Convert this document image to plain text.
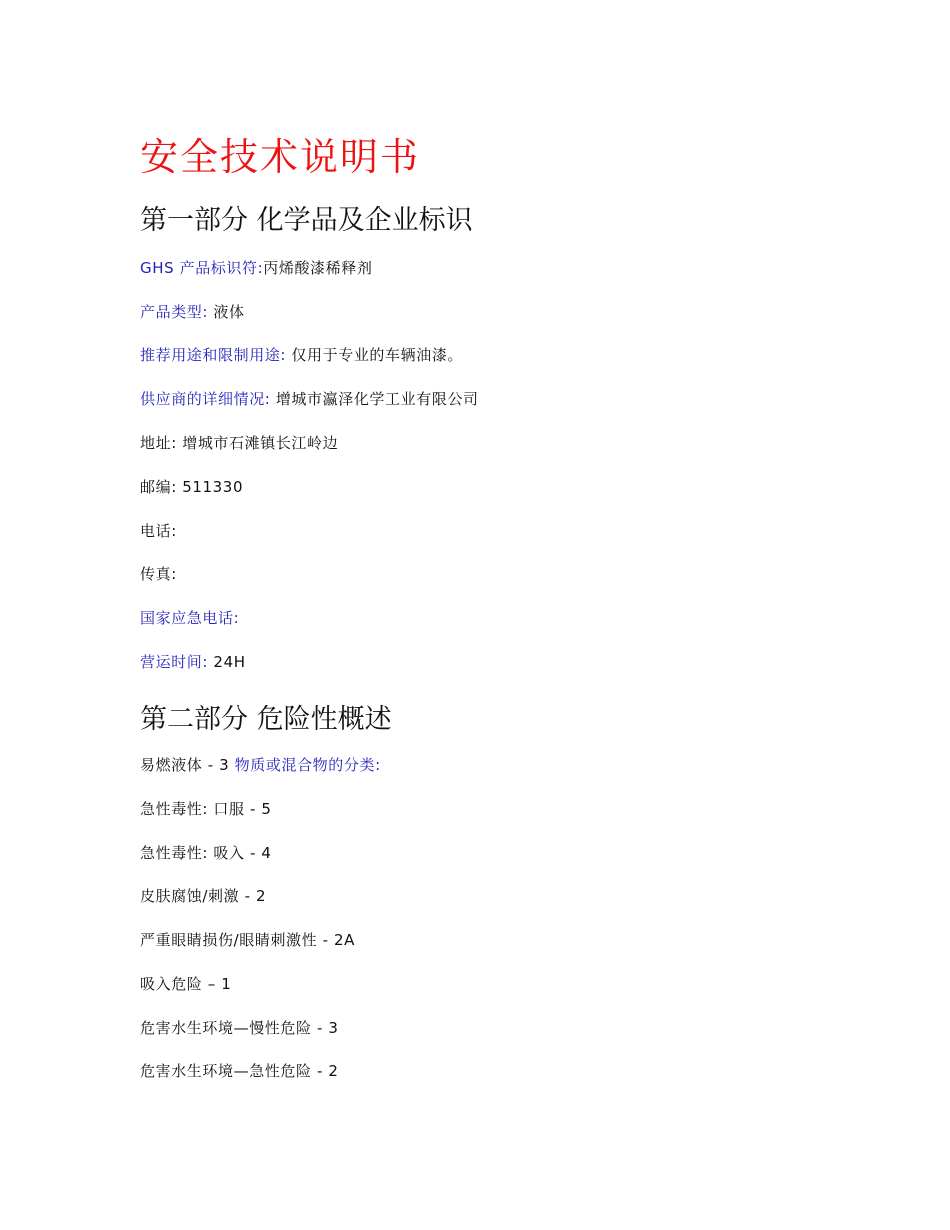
安全技术说明书
第一部分 化学品及企业标识

GHS 产品标识符:丙烯酸漆稀释剂

产品类型: 液体

推荐用途和限制用途: 仅用于专业的车辆油漆。

供应商的详细情况: 增城市瀛泽化学工业有限公司

地址: 增城市石滩镇长江岭边

邮编: 511330

电话:

传真:

国家应急电话:

营运时间: 24H

第二部分 危险性概述

易燃液体 - 3 物质或混合物的分类:

急性毒性: 口服 - 5

急性毒性: 吸入 - 4

皮肤腐蚀/刺激 - 2

严重眼睛损伤/眼睛刺激性 - 2A

吸入危险 – 1

危害水生环境—慢性危险 - 3

危害水生环境—急性危险 - 2
